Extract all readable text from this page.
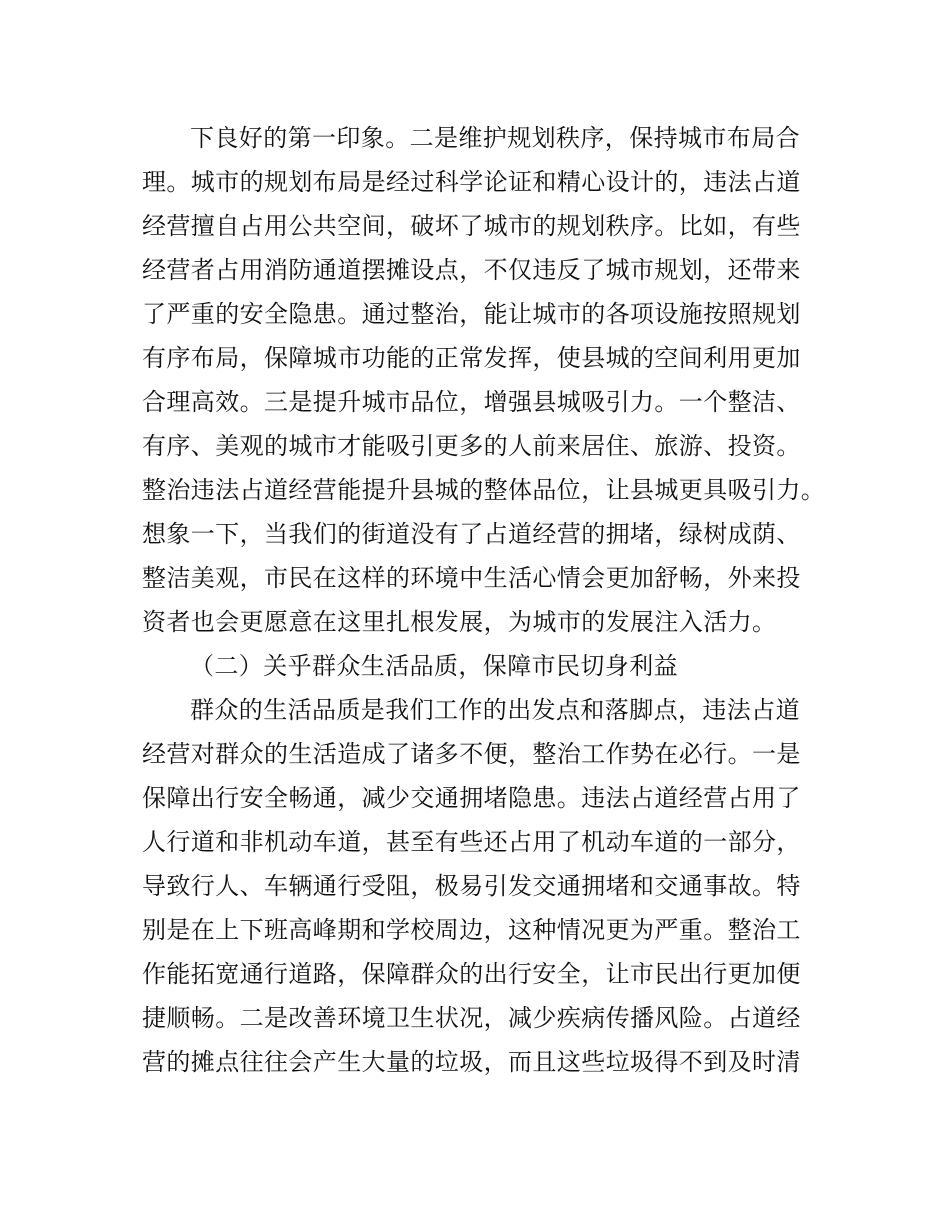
下良好的第一印象。二是维护规划秩序，保持城市布局合
理。城市的规划布局是经过科学论证和精心设计的，违法占道
经营擅自占用公共空间，破坏了城市的规划秩序。比如，有些
经营者占用消防通道摆摊设点，不仅违反了城市规划，还带来
了严重的安全隐患。通过整治，能让城市的各项设施按照规划
有序布局，保障城市功能的正常发挥，使县城的空间利用更加
合理高效。三是提升城市品位，增强县城吸引力。一个整洁、
有序、美观的城市才能吸引更多的人前来居住、旅游、投资。
整治违法占道经营能提升县城的整体品位，让县城更具吸引力。
想象一下，当我们的街道没有了占道经营的拥堵，绿树成荫、
整洁美观，市民在这样的环境中生活心情会更加舒畅，外来投
资者也会更愿意在这里扎根发展，为城市的发展注入活力。
（二）关乎群众生活品质，保障市民切身利益
群众的生活品质是我们工作的出发点和落脚点，违法占道
经营对群众的生活造成了诸多不便，整治工作势在必行。一是
保障出行安全畅通，减少交通拥堵隐患。违法占道经营占用了
人行道和非机动车道，甚至有些还占用了机动车道的一部分，
导致行人、车辆通行受阻，极易引发交通拥堵和交通事故。特
别是在上下班高峰期和学校周边，这种情况更为严重。整治工
作能拓宽通行道路，保障群众的出行安全，让市民出行更加便
捷顺畅。二是改善环境卫生状况，减少疾病传播风险。占道经
营的摊点往往会产生大量的垃圾，而且这些垃圾得不到及时清
